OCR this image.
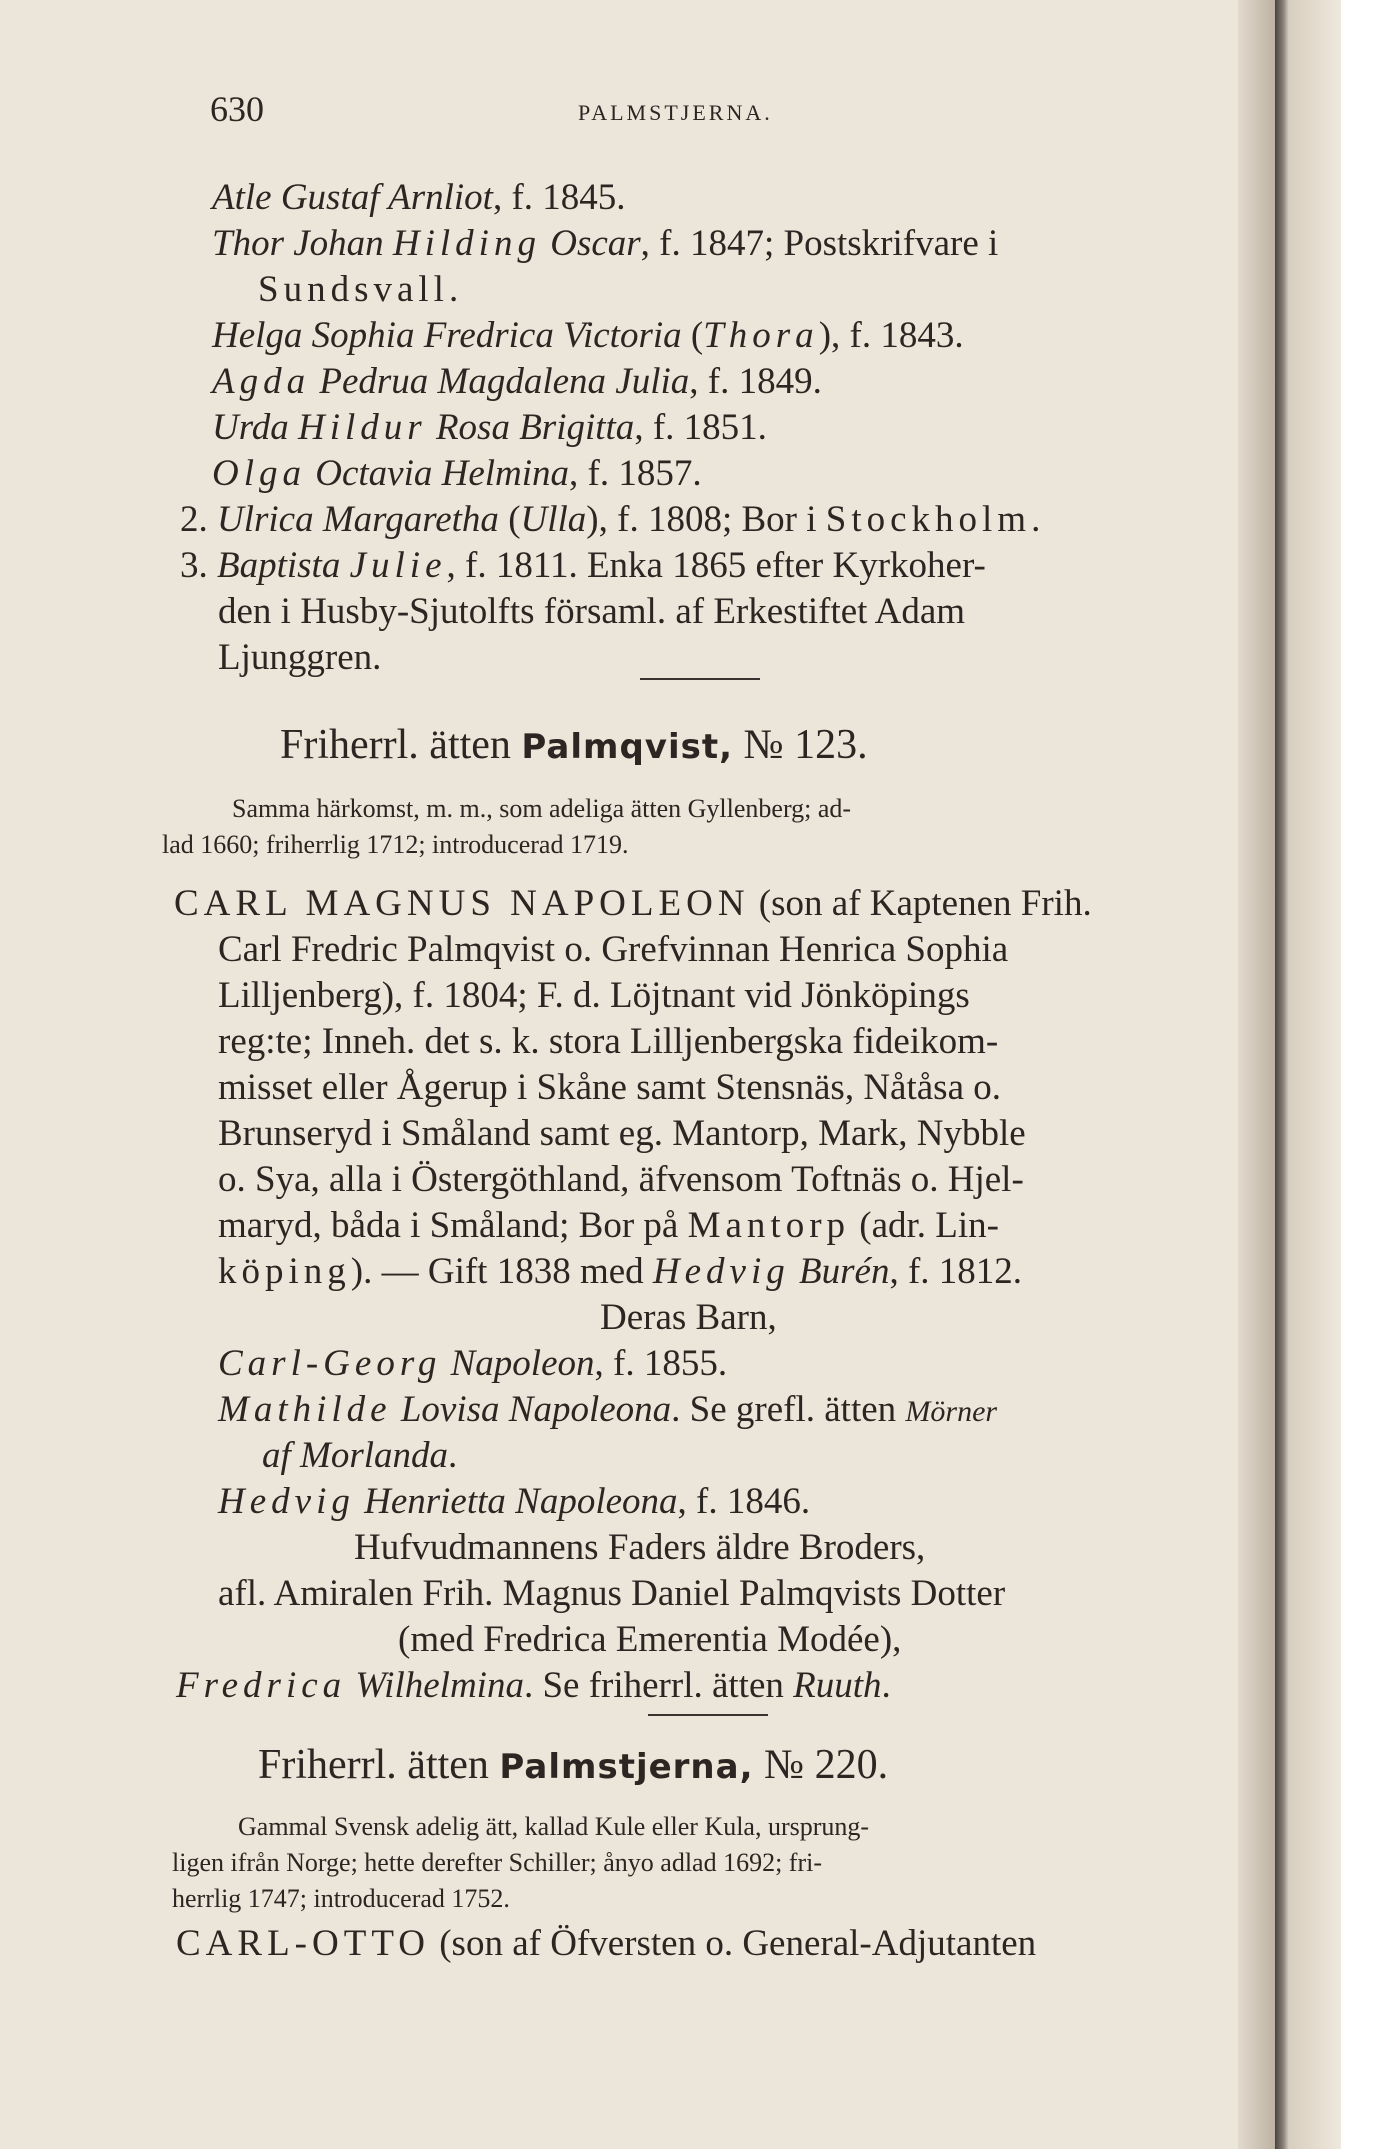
630	PALMSTJERNA.
Atle Gustaf Arnliot, f. 1845.
Thor Johan Hilding Oscar, f. 1847; Postskrifvare i
Sundsvall.
Helga Sophia Fredrica Victoria (Thora), f. 1843.
Agda Pedrua Magdalena Julia, f. 1849.
Urda Hildur Rosa Brigitta, f. 1851.
Olga Octavia Helmina, f. 1857.
2. Ulrica Margaretha (Ulla), f. 1808; Bor i Stockholm.
3. Baptista Julie, f. 1811. Enka 1865 efter Kyrkoher-
den i Husby-Sjutolfts församl. af Erkestiftet Adam
Ljunggren.
Friherrl. ätten Palmqvist, № 123.
Samma härkomst, m. m., som adeliga ätten Gyllenberg; ad-
lad 1660; friherrlig 1712; introducerad 1719.
CARL MAGNUS NAPOLEON (son af Kaptenen Frih.
Carl Fredric Palmqvist o. Grefvinnan Henrica Sophia
Lilljenberg), f. 1804; F. d. Löjtnant vid Jönköpings
reg:te; Inneh. det s. k. stora Lilljenbergska fideikom-
misset eller Ågerup i Skåne samt Stensnäs, Nåtåsa o.
Brunseryd i Småland samt eg. Mantorp, Mark, Nybble
o. Sya, alla i Östergöthland, äfvensom Toftnäs o. Hjel-
maryd, båda i Småland; Bor på Mantorp (adr. Lin-
köping). — Gift 1838 med Hedvig Burén, f. 1812.
Deras Barn,
Carl-Georg Napoleon, f. 1855.
Mathilde Lovisa Napoleona. Se grefl. ätten Mörner
af Morlanda.
Hedvig Henrietta Napoleona, f. 1846.
Hufvudmannens Faders äldre Broders,
afl. Amiralen Frih. Magnus Daniel Palmqvists Dotter
(med Fredrica Emerentia Modée),
Fredrica Wilhelmina. Se friherrl. ätten Ruuth.
Friherrl. ätten Palmstjerna, № 220.
Gammal Svensk adelig ätt, kallad Kule eller Kula, ursprung-
ligen ifrån Norge; hette derefter Schiller; ånyo adlad 1692; fri-
herrlig 1747; introducerad 1752.
CARL-OTTO (son af Öfversten o. General-Adjutanten
